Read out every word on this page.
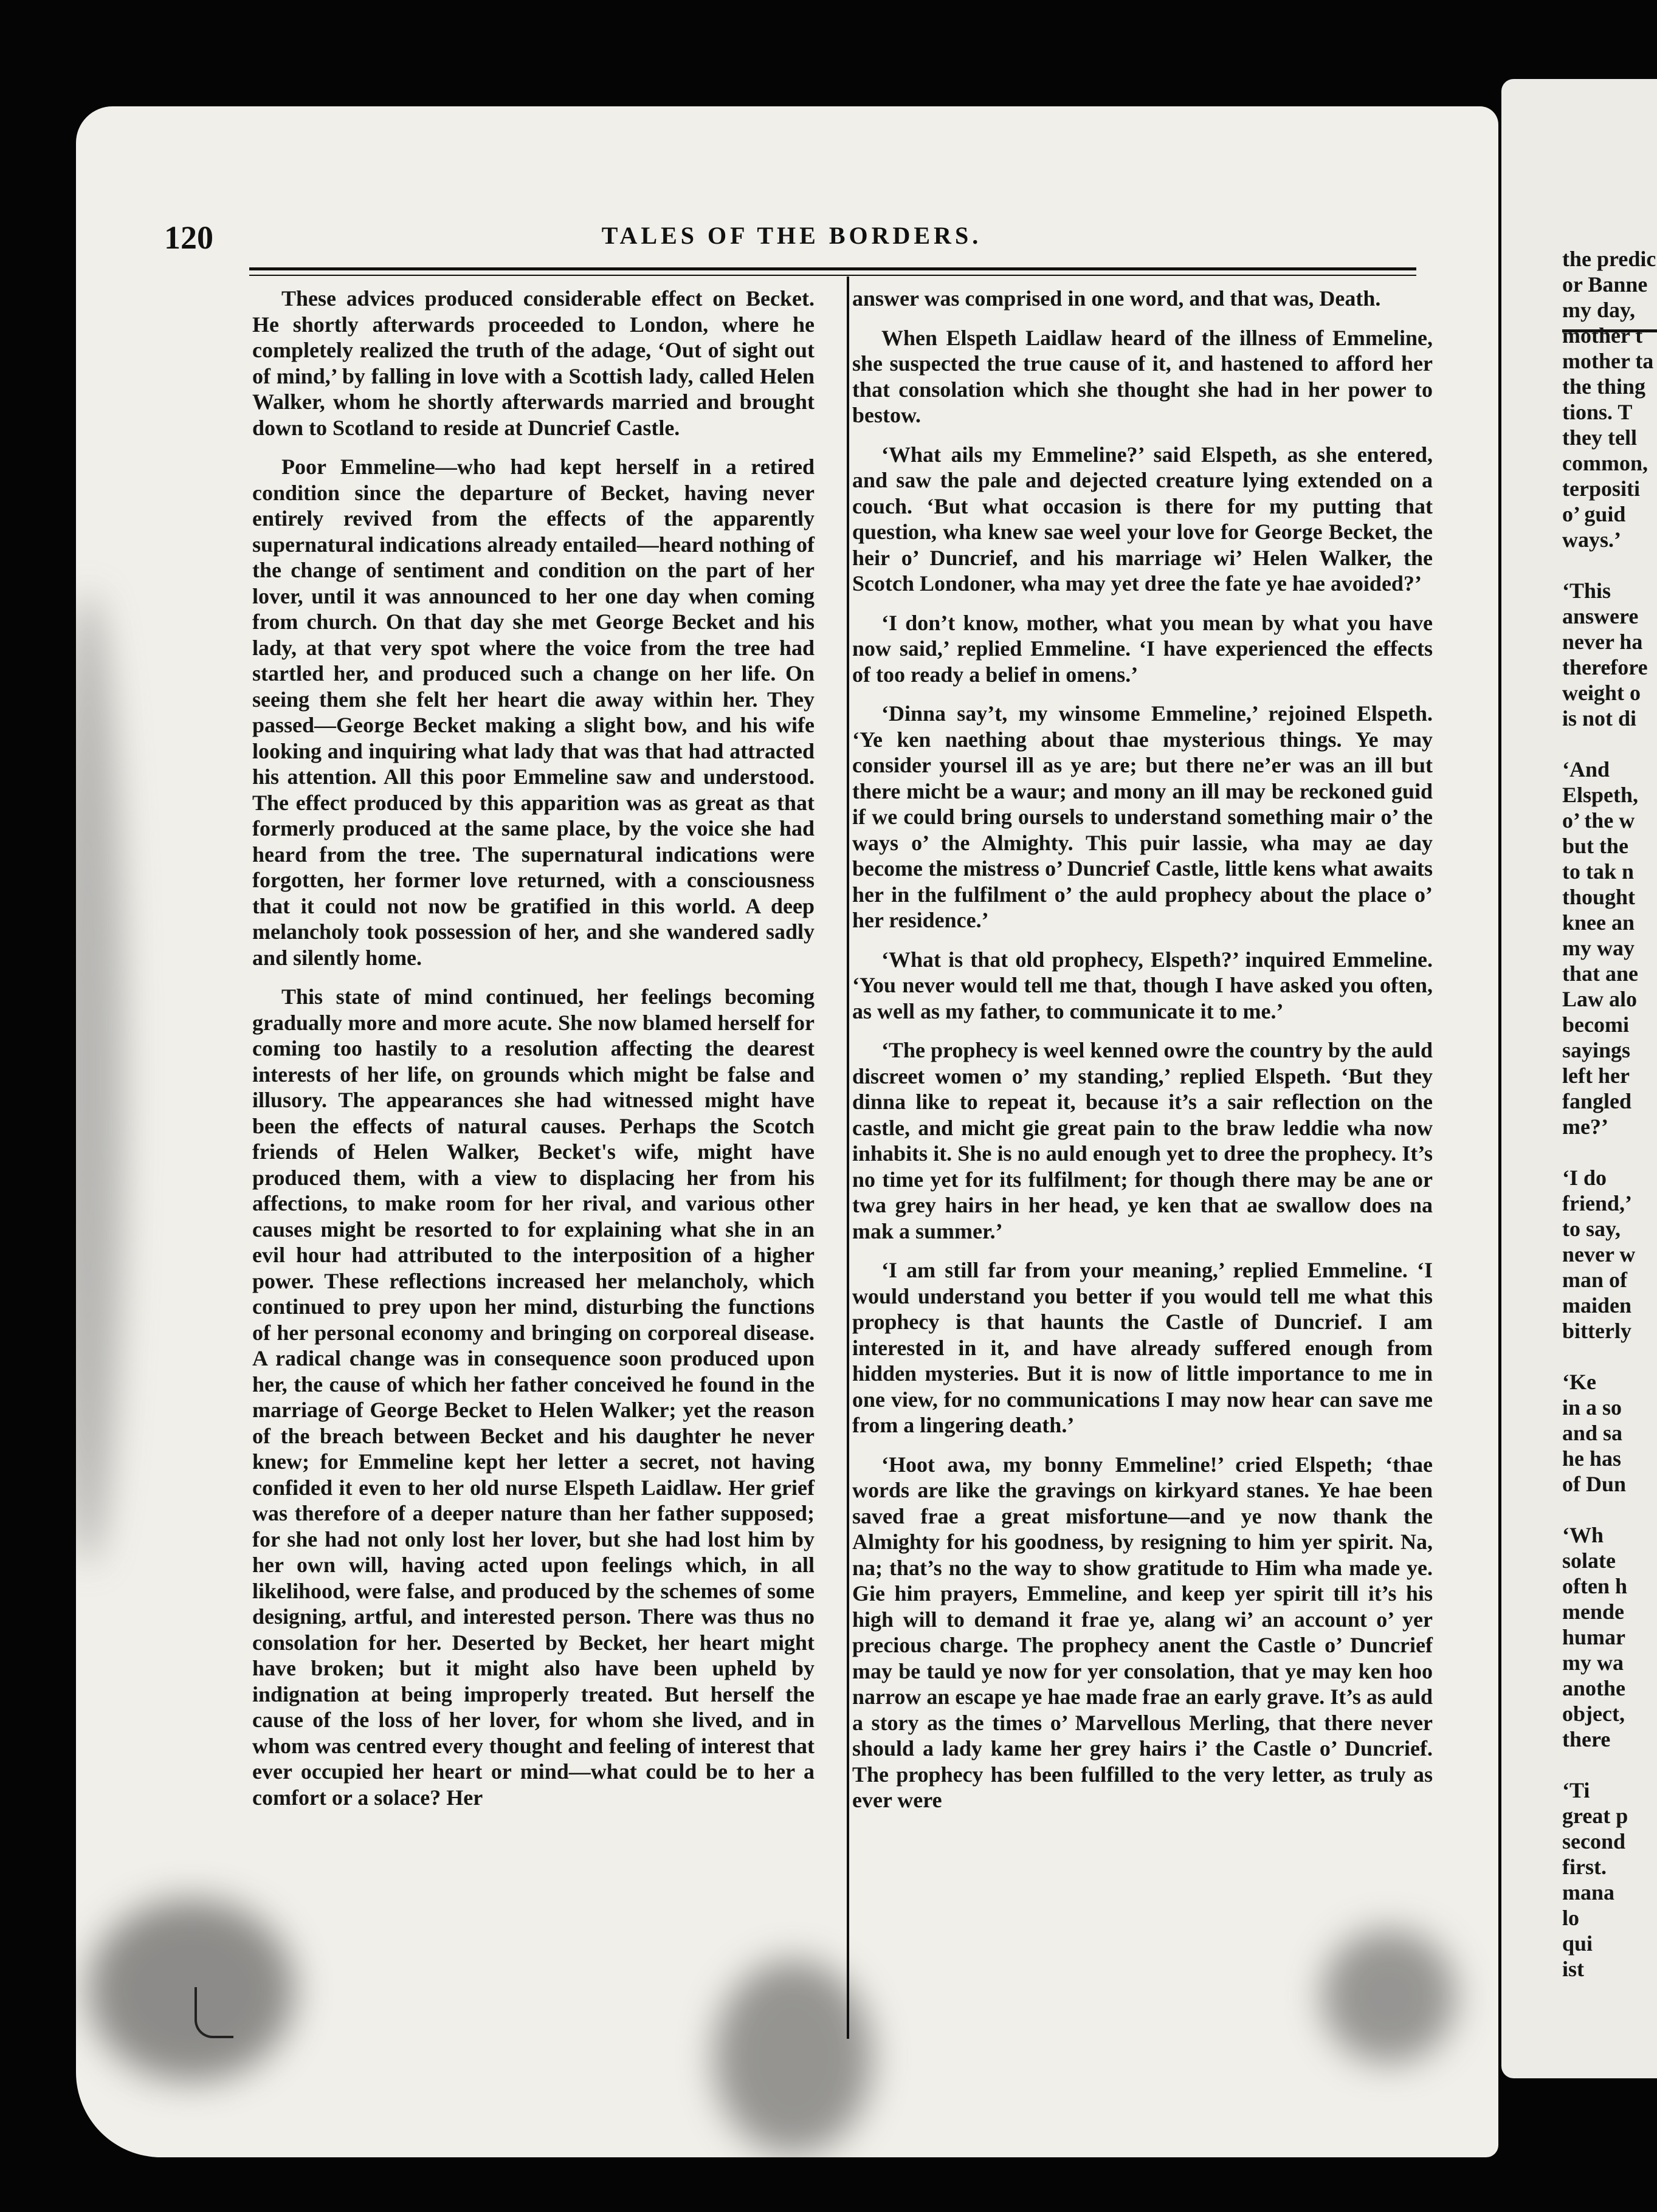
the predic
or Banne
my day,
mother t
mother ta
the thing
tions. T
they tell
common,
terpositi
o’ guid
ways.’

‘This
answere
never ha
therefore
weight o
is not di

‘And
Elspeth,
o’ the w
but the
to tak n
thought
knee an
my way
that ane
Law alo
becomi
sayings
left her
fangled
me?’

‘I do
friend,’
to say,
never w
man of
maiden
bitterly

‘Ke
in a so
and sa
he has
of Dun

‘Wh
solate
often h
mende
humar
my wa
anothe
object,
there

‘Ti
great p
second
first.
mana
lo
qui
ist
120	TALES OF THE BORDERS.

These advices produced considerable effect on Becket. He shortly afterwards proceeded to London, where he completely realized the truth of the adage, ‘Out of sight out of mind,’ by falling in love with a Scottish lady, called Helen Walker, whom he shortly afterwards married and brought down to Scotland to reside at Duncrief Castle.

Poor Emmeline—who had kept herself in a retired condition since the departure of Becket, having never entirely revived from the effects of the apparently supernatural indications already entailed—heard nothing of the change of sentiment and condition on the part of her lover, until it was announced to her one day when coming from church. On that day she met George Becket and his lady, at that very spot where the voice from the tree had startled her, and produced such a change on her life. On seeing them she felt her heart die away within her. They passed—George Becket making a slight bow, and his wife looking and inquiring what lady that was that had attracted his attention. All this poor Emmeline saw and understood. The effect produced by this apparition was as great as that formerly produced at the same place, by the voice she had heard from the tree. The supernatural indications were forgotten, her former love returned, with a consciousness that it could not now be gratified in this world. A deep melancholy took possession of her, and she wandered sadly and silently home.

This state of mind continued, her feelings becoming gradually more and more acute. She now blamed herself for coming too hastily to a resolution affecting the dearest interests of her life, on grounds which might be false and illusory. The appearances she had witnessed might have been the effects of natural causes. Perhaps the Scotch friends of Helen Walker, Becket's wife, might have produced them, with a view to displacing her from his affections, to make room for her rival, and various other causes might be resorted to for explaining what she in an evil hour had attributed to the interposition of a higher power. These reflections increased her melancholy, which continued to prey upon her mind, disturbing the functions of her personal economy and bringing on corporeal disease. A radical change was in consequence soon produced upon her, the cause of which her father conceived he found in the marriage of George Becket to Helen Walker; yet the reason of the breach between Becket and his daughter he never knew; for Emmeline kept her letter a secret, not having confided it even to her old nurse Elspeth Laidlaw. Her grief was therefore of a deeper nature than her father supposed; for she had not only lost her lover, but she had lost him by her own will, having acted upon feelings which, in all likelihood, were false, and produced by the schemes of some designing, artful, and interested person. There was thus no consolation for her. Deserted by Becket, her heart might have broken; but it might also have been upheld by indignation at being improperly treated. But herself the cause of the loss of her lover, for whom she lived, and in whom was centred every thought and feeling of interest that ever occupied her heart or mind—what could be to her a comfort or a solace? Her

answer was comprised in one word, and that was, Death.

When Elspeth Laidlaw heard of the illness of Emmeline, she suspected the true cause of it, and hastened to afford her that consolation which she thought she had in her power to bestow.

‘What ails my Emmeline?’ said Elspeth, as she entered, and saw the pale and dejected creature lying extended on a couch. ‘But what occasion is there for my putting that question, wha knew sae weel your love for George Becket, the heir o’ Duncrief, and his marriage wi’ Helen Walker, the Scotch Londoner, wha may yet dree the fate ye hae avoided?’

‘I don’t know, mother, what you mean by what you have now said,’ replied Emmeline. ‘I have experienced the effects of too ready a belief in omens.’

‘Dinna say’t, my winsome Emmeline,’ rejoined Elspeth. ‘Ye ken naething about thae mysterious things. Ye may consider yoursel ill as ye are; but there ne’er was an ill but there micht be a waur; and mony an ill may be reckoned guid if we could bring oursels to understand something mair o’ the ways o’ the Almighty. This puir lassie, wha may ae day become the mistress o’ Duncrief Castle, little kens what awaits her in the fulfilment o’ the auld prophecy about the place o’ her residence.’

‘What is that old prophecy, Elspeth?’ inquired Emmeline. ‘You never would tell me that, though I have asked you often, as well as my father, to communicate it to me.’

‘The prophecy is weel kenned owre the country by the auld discreet women o’ my standing,’ replied Elspeth. ‘But they dinna like to repeat it, because it’s a sair reflection on the castle, and micht gie great pain to the braw leddie wha now inhabits it. She is no auld enough yet to dree the prophecy. It’s no time yet for its fulfilment; for though there may be ane or twa grey hairs in her head, ye ken that ae swallow does na mak a summer.’

‘I am still far from your meaning,’ replied Emmeline. ‘I would understand you better if you would tell me what this prophecy is that haunts the Castle of Duncrief. I am interested in it, and have already suffered enough from hidden mysteries. But it is now of little importance to me in one view, for no communications I may now hear can save me from a lingering death.’

‘Hoot awa, my bonny Emmeline!’ cried Elspeth; ‘thae words are like the gravings on kirkyard stanes. Ye hae been saved frae a great misfortune—and ye now thank the Almighty for his goodness, by resigning to him yer spirit. Na, na; that’s no the way to show gratitude to Him wha made ye. Gie him prayers, Emmeline, and keep yer spirit till it’s his high will to demand it frae ye, alang wi’ an account o’ yer precious charge. The prophecy anent the Castle o’ Duncrief may be tauld ye now for yer consolation, that ye may ken hoo narrow an escape ye hae made frae an early grave. It’s as auld a story as the times o’ Marvellous Merling, that there never should a lady kame her grey hairs i’ the Castle o’ Duncrief. The prophecy has been fulfilled to the very letter, as truly as ever were
